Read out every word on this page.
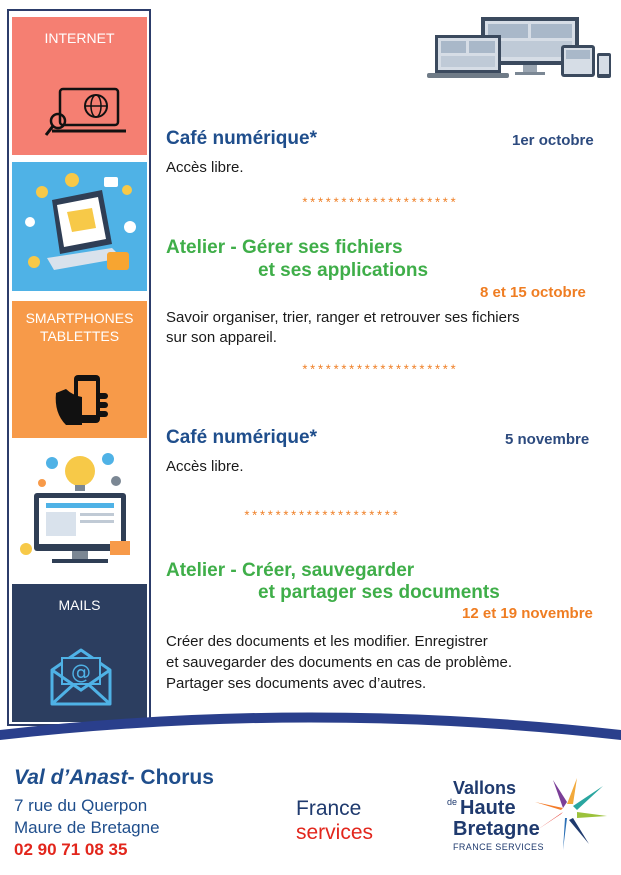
INTERNET
SMARTPHONES
TABLETTES
MAILS
@
Café numérique*	1er octobre
Accès libre.
********************
Atelier - Gérer ses fichiers
et ses applications
8 et 15 octobre
Savoir organiser, trier, ranger et retrouver ses fichiers
sur son appareil.
********************
Café numérique*	5 novembre
Accès libre.
********************
Atelier - Créer, sauvegarder
et partager ses documents
12 et 19 novembre
Créer des documents et les modifier. Enregistrer
et sauvegarder des documents en cas de problème.
Partager ses documents avec d’autres.
Val d’Anast- Chorus
7 rue du Querpon
Maure de Bretagne
02 90 71 08 35
France
services
Vallons
de Haute
Bretagne
FRANCE SERVICES
